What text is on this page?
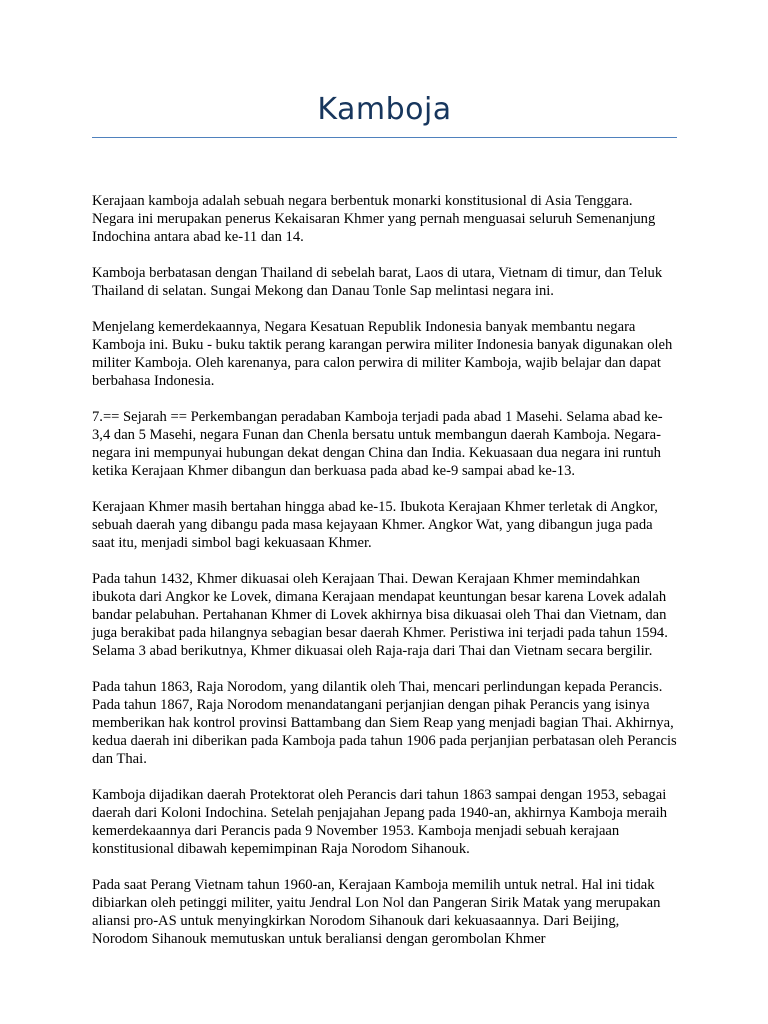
Kamboja

Kerajaan kamboja adalah sebuah negara berbentuk monarki konstitusional di Asia Tenggara. Negara ini merupakan penerus Kekaisaran Khmer yang pernah menguasai seluruh Semenanjung Indochina antara abad ke-11 dan 14.

Kamboja berbatasan dengan Thailand di sebelah barat, Laos di utara, Vietnam di timur, dan Teluk Thailand di selatan. Sungai Mekong dan Danau Tonle Sap melintasi negara ini.

Menjelang kemerdekaannya, Negara Kesatuan Republik Indonesia banyak membantu negara Kamboja ini. Buku - buku taktik perang karangan perwira militer Indonesia banyak digunakan oleh militer Kamboja. Oleh karenanya, para calon perwira di militer Kamboja, wajib belajar dan dapat berbahasa Indonesia.

7.== Sejarah == Perkembangan peradaban Kamboja terjadi pada abad 1 Masehi. Selama abad ke-3,4 dan 5 Masehi, negara Funan dan Chenla bersatu untuk membangun daerah Kamboja. Negara-negara ini mempunyai hubungan dekat dengan China dan India. Kekuasaan dua negara ini runtuh ketika Kerajaan Khmer dibangun dan berkuasa pada abad ke-9 sampai abad ke-13.

Kerajaan Khmer masih bertahan hingga abad ke-15. Ibukota Kerajaan Khmer terletak di Angkor, sebuah daerah yang dibangu pada masa kejayaan Khmer. Angkor Wat, yang dibangun juga pada saat itu, menjadi simbol bagi kekuasaan Khmer.

Pada tahun 1432, Khmer dikuasai oleh Kerajaan Thai. Dewan Kerajaan Khmer memindahkan ibukota dari Angkor ke Lovek, dimana Kerajaan mendapat keuntungan besar karena Lovek adalah bandar pelabuhan. Pertahanan Khmer di Lovek akhirnya bisa dikuasai oleh Thai dan Vietnam, dan juga berakibat pada hilangnya sebagian besar daerah Khmer. Peristiwa ini terjadi pada tahun 1594. Selama 3 abad berikutnya, Khmer dikuasai oleh Raja-raja dari Thai dan Vietnam secara bergilir.

Pada tahun 1863, Raja Norodom, yang dilantik oleh Thai, mencari perlindungan kepada Perancis. Pada tahun 1867, Raja Norodom menandatangani perjanjian dengan pihak Perancis yang isinya memberikan hak kontrol provinsi Battambang dan Siem Reap yang menjadi bagian Thai. Akhirnya, kedua daerah ini diberikan pada Kamboja pada tahun 1906 pada perjanjian perbatasan oleh Perancis dan Thai.

Kamboja dijadikan daerah Protektorat oleh Perancis dari tahun 1863 sampai dengan 1953, sebagai daerah dari Koloni Indochina. Setelah penjajahan Jepang pada 1940-an, akhirnya Kamboja meraih kemerdekaannya dari Perancis pada 9 November 1953. Kamboja menjadi sebuah kerajaan konstitusional dibawah kepemimpinan Raja Norodom Sihanouk.

Pada saat Perang Vietnam tahun 1960-an, Kerajaan Kamboja memilih untuk netral. Hal ini tidak dibiarkan oleh petinggi militer, yaitu Jendral Lon Nol dan Pangeran Sirik Matak yang merupakan aliansi pro-AS untuk menyingkirkan Norodom Sihanouk dari kekuasaannya. Dari Beijing, Norodom Sihanouk memutuskan untuk beraliansi dengan gerombolan Khmer
